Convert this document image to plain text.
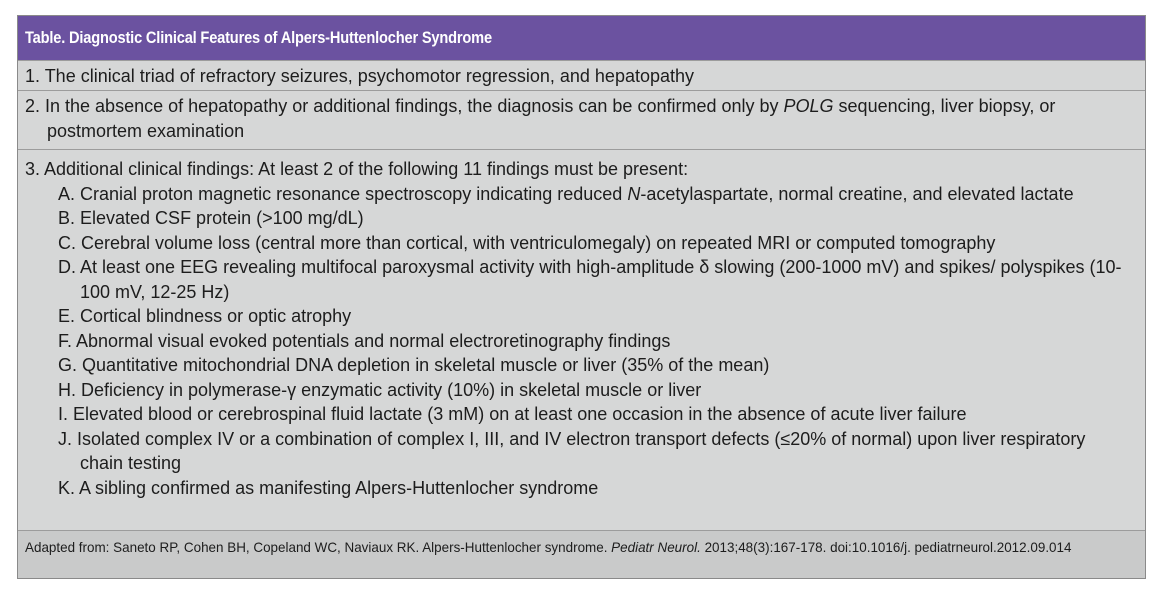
Table. Diagnostic Clinical Features of Alpers-Huttenlocher Syndrome
1. The clinical triad of refractory seizures, psychomotor regression, and hepatopathy
2. In the absence of hepatopathy or additional findings, the diagnosis can be confirmed only by POLG sequencing, liver biopsy, or postmortem examination
3. Additional clinical findings: At least 2 of the following 11 findings must be present:
A. Cranial proton magnetic resonance spectroscopy indicating reduced N-acetylaspartate, normal creatine, and elevated lactate
B. Elevated CSF protein (>100 mg/dL)
C. Cerebral volume loss (central more than cortical, with ventriculomegaly) on repeated MRI or computed tomography
D. At least one EEG revealing multifocal paroxysmal activity with high-amplitude δ slowing (200-1000 mV) and spikes/ polyspikes (10-100 mV, 12-25 Hz)
E. Cortical blindness or optic atrophy
F. Abnormal visual evoked potentials and normal electroretinography findings
G. Quantitative mitochondrial DNA depletion in skeletal muscle or liver (35% of the mean)
H. Deficiency in polymerase-γ enzymatic activity (10%) in skeletal muscle or liver
I. Elevated blood or cerebrospinal fluid lactate (3 mM) on at least one occasion in the absence of acute liver failure
J. Isolated complex IV or a combination of complex I, III, and IV electron transport defects (≤20% of normal) upon liver respiratory chain testing
K. A sibling confirmed as manifesting Alpers-Huttenlocher syndrome
Adapted from: Saneto RP, Cohen BH, Copeland WC, Naviaux RK. Alpers-Huttenlocher syndrome. Pediatr Neurol. 2013;48(3):167-178. doi:10.1016/j. pediatrneurol.2012.09.014
